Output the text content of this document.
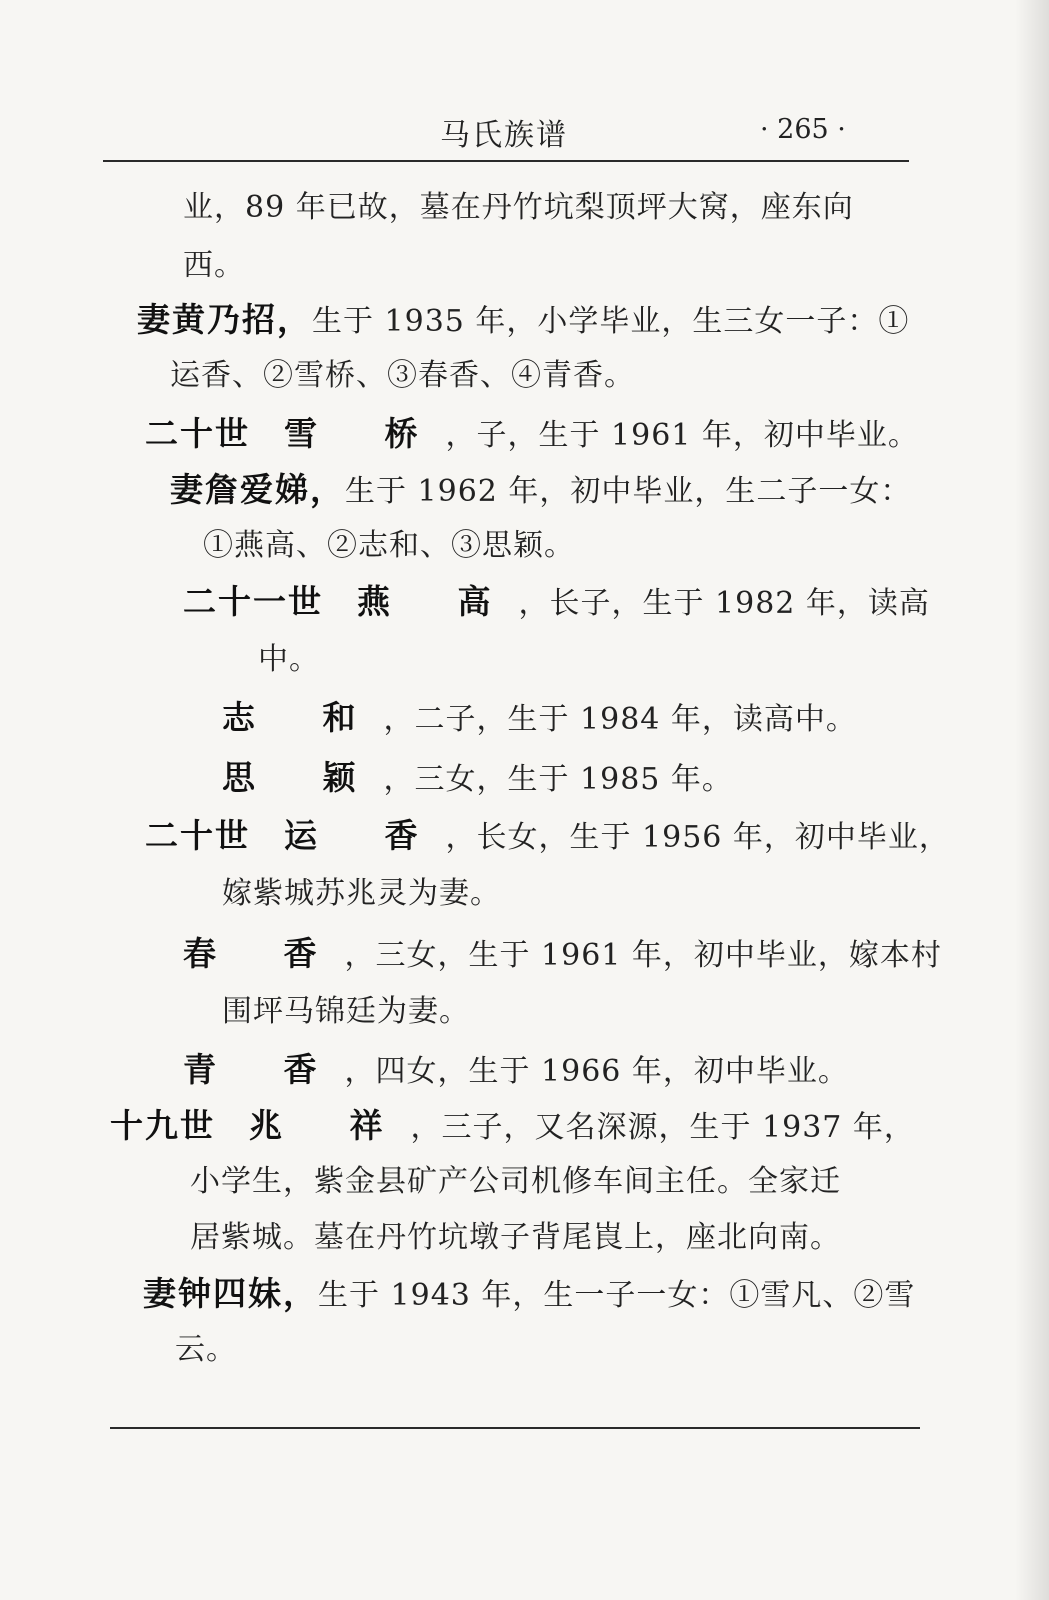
马氏族谱	· 265 ·
业，89 年已故，墓在丹竹坑梨顶坪大窝，座东向
西。
妻黄乃招，生于 1935 年，小学毕业，生三女一子：①
运香、②雪桥、③春香、④青香。
二十世 雪 桥，子，生于 1961 年，初中毕业。
妻詹爱娣，生于 1962 年，初中毕业，生二子一女：
①燕高、②志和、③思颖。
二十一世 燕 高，长子，生于 1982 年，读高
中。
志 和，二子，生于 1984 年，读高中。
思 颖，三女，生于 1985 年。
二十世 运 香，长女，生于 1956 年，初中毕业，
嫁紫城苏兆灵为妻。
春 香，三女，生于 1961 年，初中毕业，嫁本村
围坪马锦廷为妻。
青 香，四女，生于 1966 年，初中毕业。
十九世 兆 祥，三子，又名深源，生于 1937 年，
小学生，紫金县矿产公司机修车间主任。全家迁
居紫城。墓在丹竹坑墩子背尾崀上，座北向南。
妻钟四妹，生于 1943 年，生一子一女：①雪凡、②雪
云。
